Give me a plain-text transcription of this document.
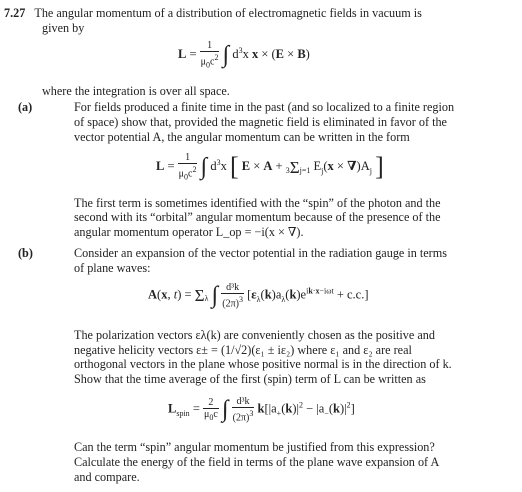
7.27 The angular momentum of a distribution of electromagnetic fields in vacuum is
given by
$L = \frac{1}{\mu_0c^2}$ ∫ $d^3x$ x × (E × B)
where the integration is over all space.
(a)	For fields produced a finite time in the past (and so localized to a finite region
of space) show that, provided the magnetic field is eliminated in favor of the
vector potential A, the angular momentum can be written in the form
$L = \frac{1}{\mu_0c^2}$ ∫ $d^3x$ [ E × A + 3Σj=1 $E_j(x \times \nabla)A_j$ ]
The first term is sometimes identified with the “spin” of the photon and the
second with its “orbital” angular momentum because of the presence of the
angular momentum operator L_op = −i(x × ∇).
(b)	Consider an expansion of the vector potential in the radiation gauge in terms
of plane waves:
A(x, t) = Σλ ∫ $\frac{\text{d³k}}{(2\pi)^3} [\varepsilon_\lambda(k)a_\lambda(k)e^{ik\cdot x-i\omega t} + c.c.]$
The polarization vectors ελ(k) are conveniently chosen as the positive and
negative helicity vectors ε± = (1/√2)(ε₁ ± iε₂) where ε₁ and ε₂ are real
orthogonal vectors in the plane whose positive normal is in the direction of k.
Show that the time average of the first (spin) term of L can be written as
$L_{spin} = \frac{2}{\mu_0c}$ ∫ $\frac{\text{d³k}}{(2\pi)^3} k[|a_+(k)|^2 - |a_-(k)|^2]$
Can the term “spin” angular momentum be justified from this expression?
Calculate the energy of the field in terms of the plane wave expansion of A
and compare.
